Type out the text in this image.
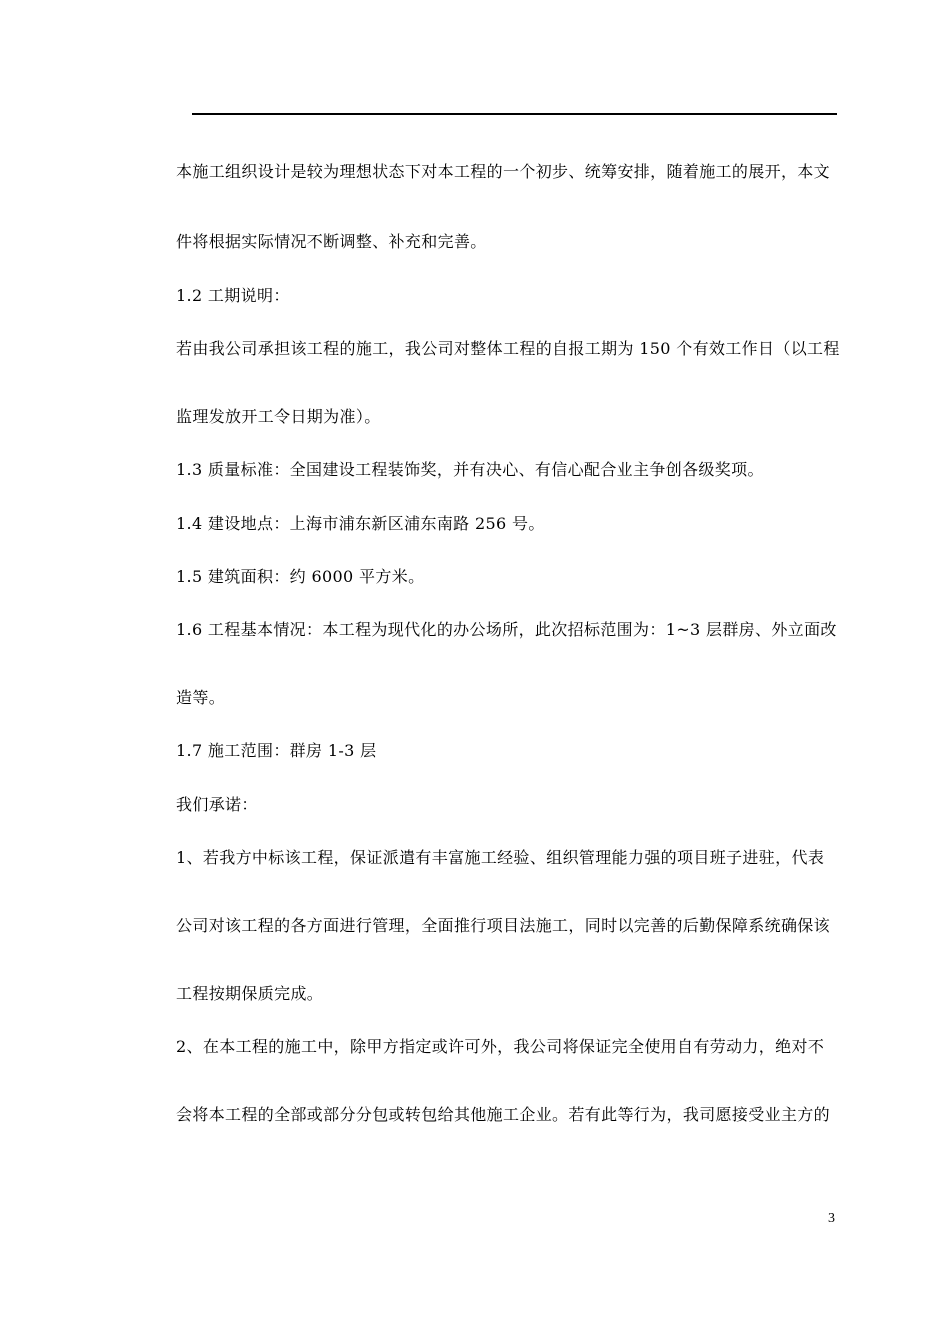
本施工组织设计是较为理想状态下对本工程的一个初步、统筹安排，随着施工的展开，本文
件将根据实际情况不断调整、补充和完善。
1.2 工期说明：
若由我公司承担该工程的施工，我公司对整体工程的自报工期为 150 个有效工作日（以工程
监理发放开工令日期为准）。
1.3 质量标准：全国建设工程装饰奖，并有决心、有信心配合业主争创各级奖项。
1.4 建设地点：上海市浦东新区浦东南路 256 号。
1.5 建筑面积：约 6000 平方米。
1.6 工程基本情况：本工程为现代化的办公场所，此次招标范围为：1~3 层群房、外立面改
造等。
1.7 施工范围：群房 1-3 层
我们承诺：
1、若我方中标该工程，保证派遣有丰富施工经验、组织管理能力强的项目班子进驻，代表
公司对该工程的各方面进行管理，全面推行项目法施工，同时以完善的后勤保障系统确保该
工程按期保质完成。
2、在本工程的施工中，除甲方指定或许可外，我公司将保证完全使用自有劳动力，绝对不
会将本工程的全部或部分分包或转包给其他施工企业。若有此等行为，我司愿接受业主方的
3
